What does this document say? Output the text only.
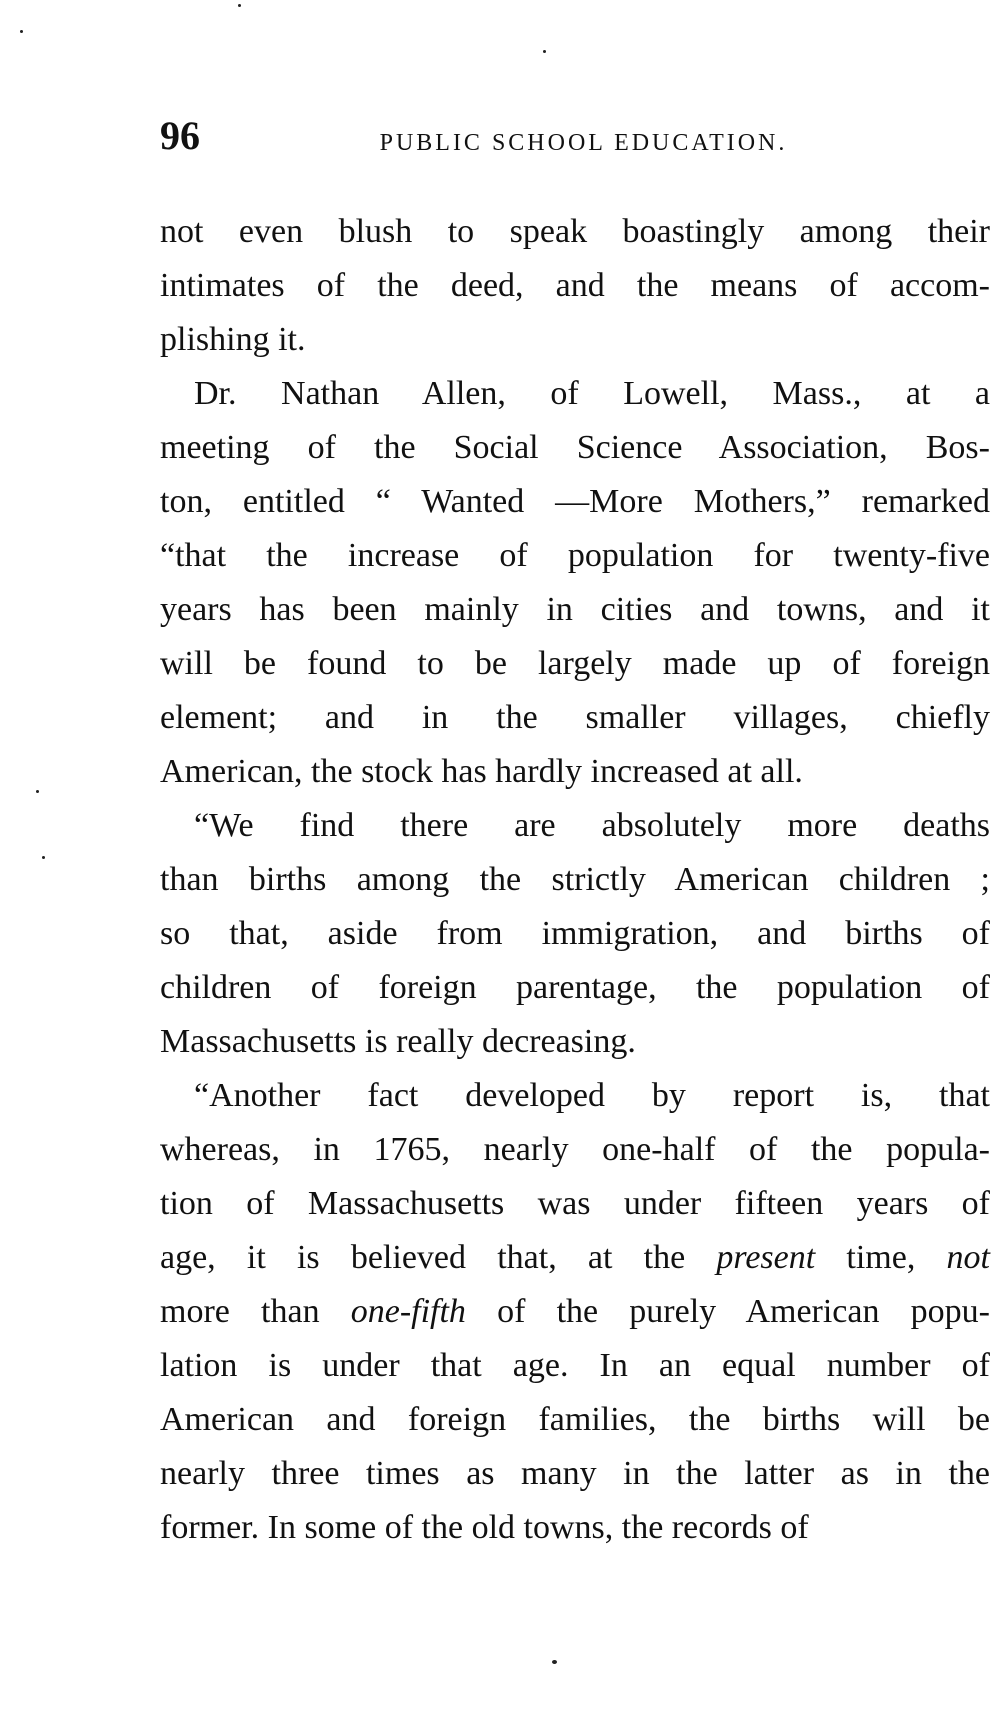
96	PUBLIC SCHOOL EDUCATION.

not even blush to speak boastingly among their
intimates of the deed, and the means of accom-
plishing it.

Dr. Nathan Allen, of Lowell, Mass., at a
meeting of the Social Science Association, Bos-
ton, entitled “ Wanted —More Mothers,” remarked
“that the increase of population for twenty-five
years has been mainly in cities and towns, and it
will be found to be largely made up of foreign
element; and in the smaller villages, chiefly
American, the stock has hardly increased at all.

“We find there are absolutely more deaths
than births among the strictly American children ;
so that, aside from immigration, and births of
children of foreign parentage, the population of
Massachusetts is really decreasing.

“Another fact developed by report is, that
whereas, in 1765, nearly one-half of the popula-
tion of Massachusetts was under fifteen years of
age, it is believed that, at the present time, not
more than one-fifth of the purely American popu-
lation is under that age. In an equal number of
American and foreign families, the births will be
nearly three times as many in the latter as in the
former. In some of the old towns, the records of
